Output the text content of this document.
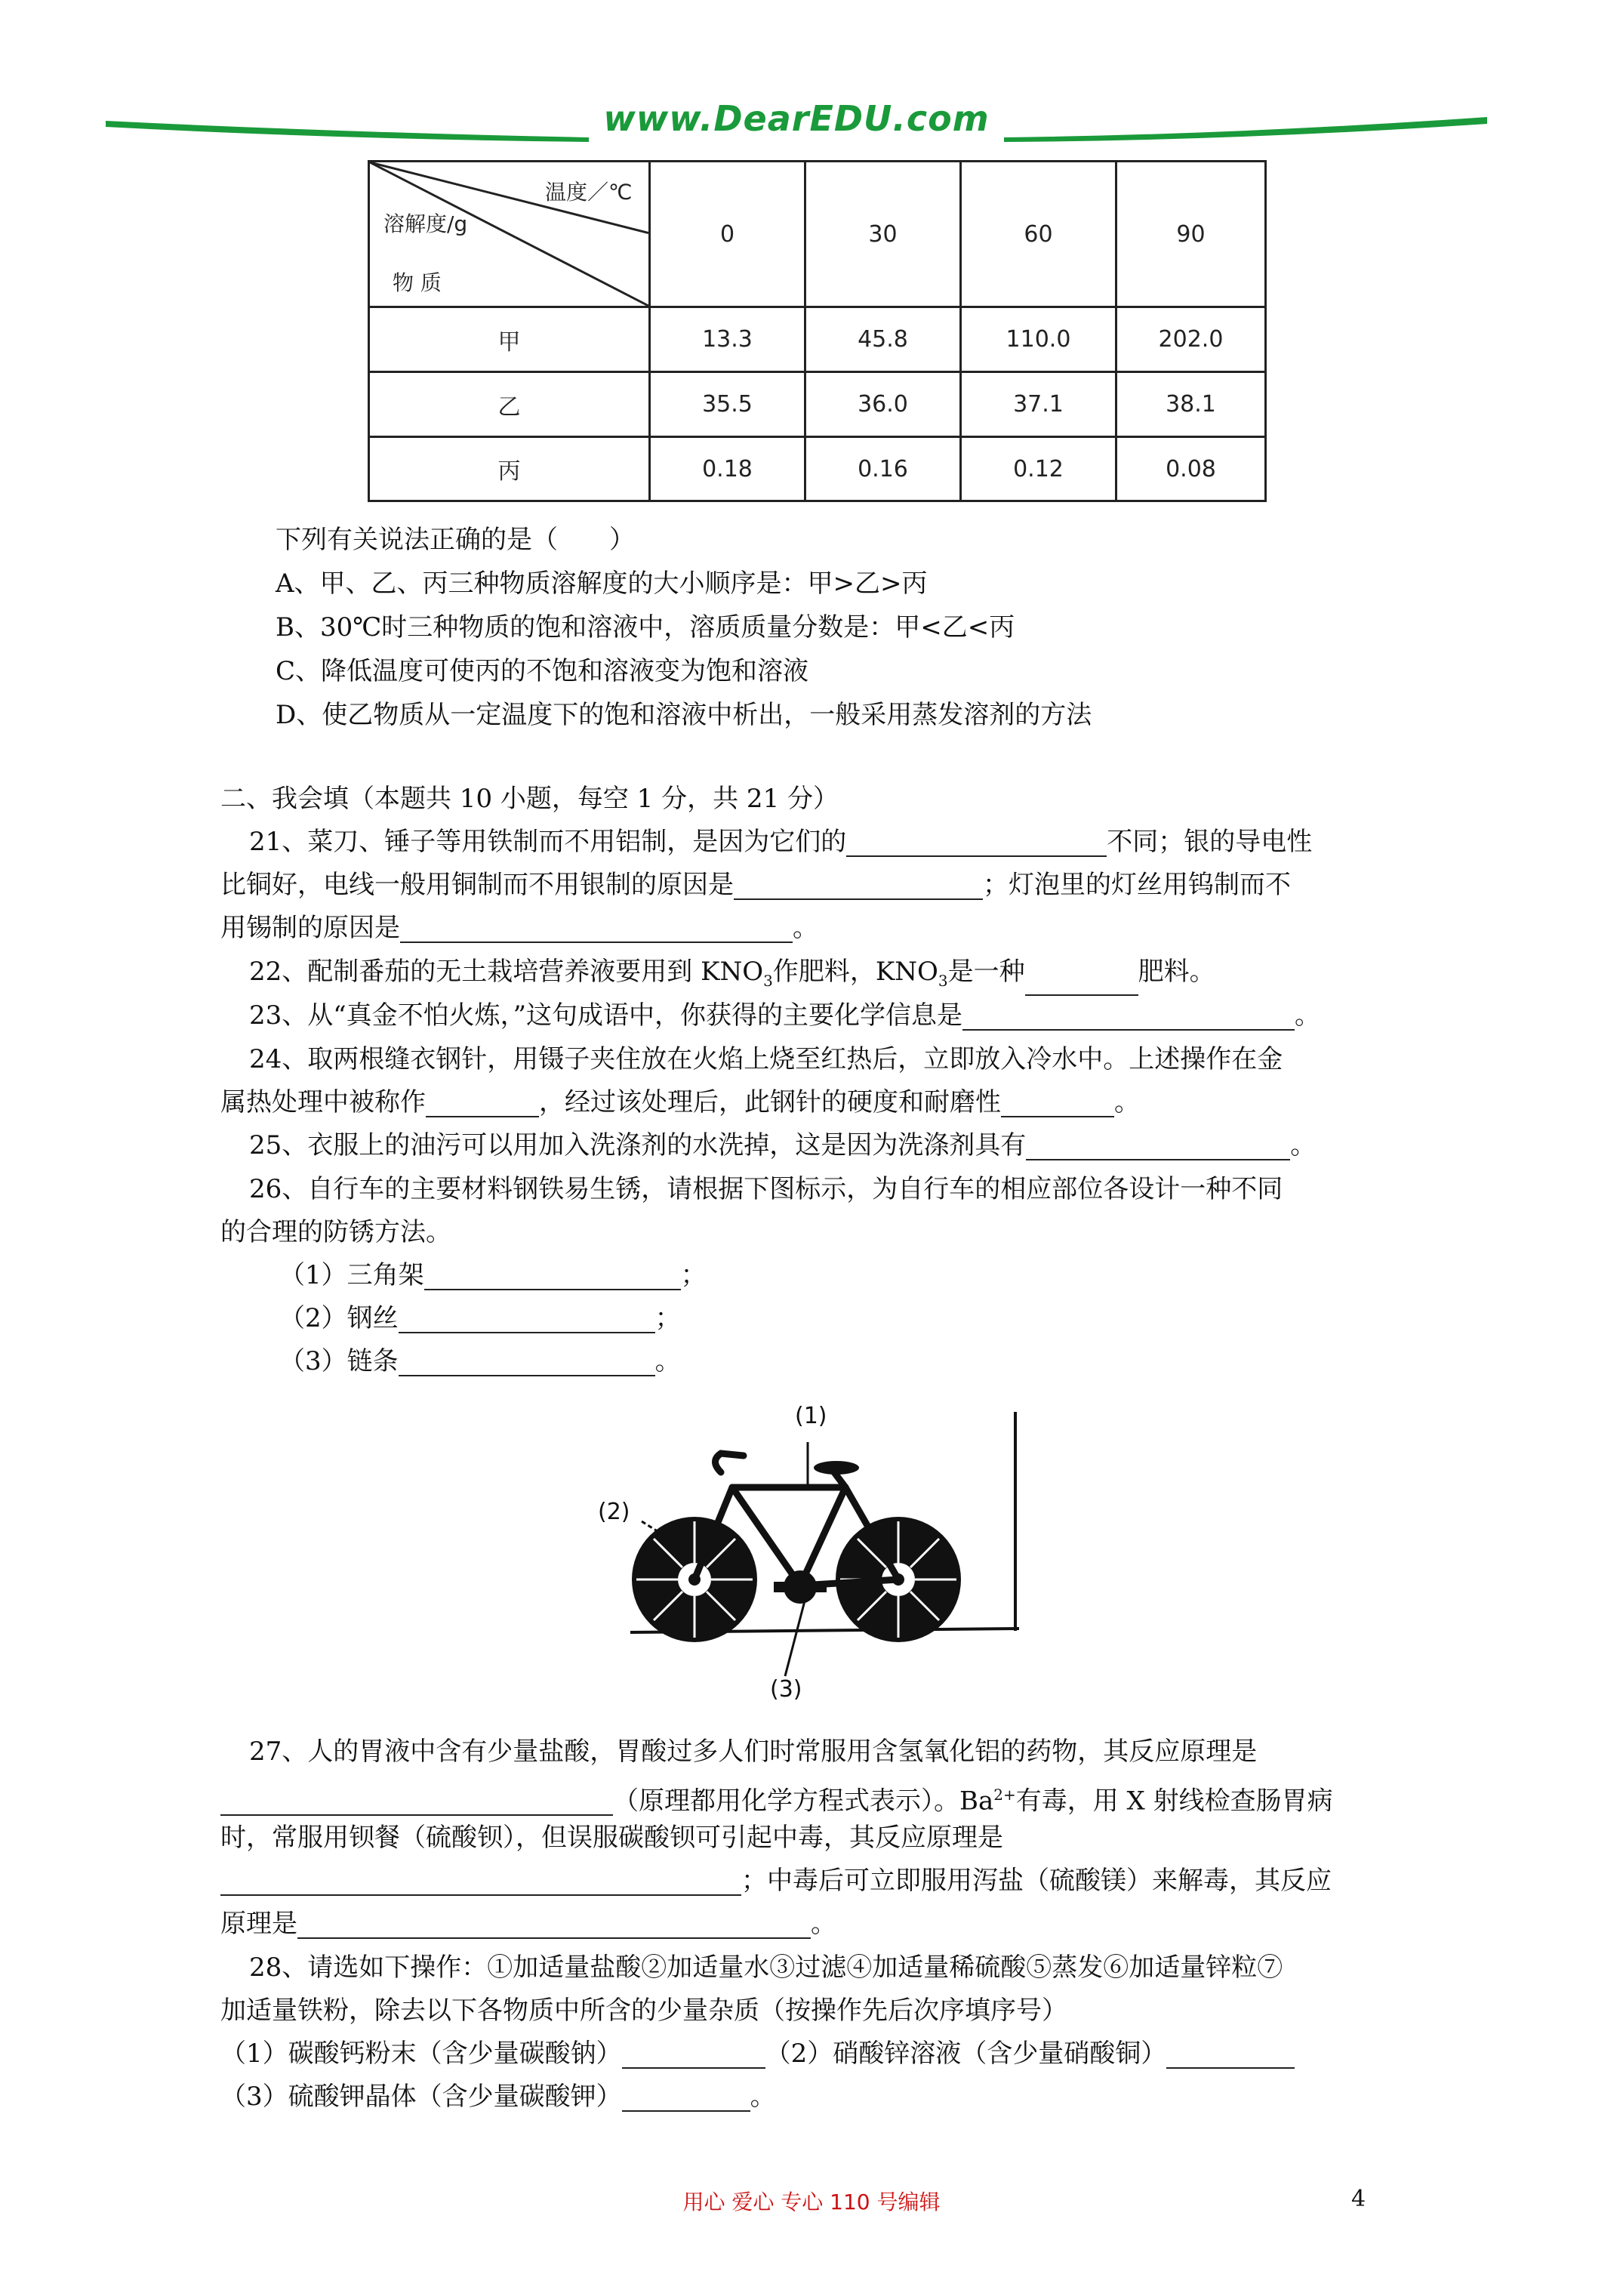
www.DearEDU.com
温度／℃
溶解度/g
物 质	0	30	60	90
甲	13.3	45.8	110.0	202.0
乙	35.5	36.0	37.1	38.1
丙	0.18	0.16	0.12	0.08
下列有关说法正确的是（　　）
A、甲、乙、丙三种物质溶解度的大小顺序是：甲>乙>丙
B、30℃时三种物质的饱和溶液中，溶质质量分数是：甲<乙<丙
C、降低温度可使丙的不饱和溶液变为饱和溶液
D、使乙物质从一定温度下的饱和溶液中析出，一般采用蒸发溶剂的方法
二、我会填（本题共 10 小题，每空 1 分，共 21 分）
21、菜刀、锤子等用铁制而不用铝制，是因为它们的	不同；银的导电性
比铜好，电线一般用铜制而不用银制的原因是	；灯泡里的灯丝用钨制而不
用锡制的原因是	。
22、配制番茄的无土栽培营养液要用到 $KNO_3$作肥料，$KNO_3$是一种	肥料。
23、从“真金不怕火炼，”这句成语中，你获得的主要化学信息是	。
24、取两根缝衣钢针，用镊子夹住放在火焰上烧至红热后，立即放入冷水中。上述操作在金
属热处理中被称作	，经过该处理后，此钢针的硬度和耐磨性	。
25、衣服上的油污可以用加入洗涤剂的水洗掉，这是因为洗涤剂具有	。
26、自行车的主要材料钢铁易生锈，请根据下图标示，为自行车的相应部位各设计一种不同
的合理的防锈方法。
（1）三角架	；
（2）钢丝	；
（3）链条	。
(1)
(2)
(3)
27、人的胃液中含有少量盐酸，胃酸过多人们时常服用含氢氧化铝的药物，其反应原理是
（原理都用化学方程式表示）。$Ba^{2+}$有毒，用 X 射线检查肠胃病
时，常服用钡餐（硫酸钡），但误服碳酸钡可引起中毒，其反应原理是
；中毒后可立即服用泻盐（硫酸镁）来解毒，其反应
原理是	。
28、请选如下操作：①加适量盐酸②加适量水③过滤④加适量稀硫酸⑤蒸发⑥加适量锌粒⑦
加适量铁粉，除去以下各物质中所含的少量杂质（按操作先后次序填序号）
（1）碳酸钙粉末（含少量碳酸钠）	（2）硝酸锌溶液（含少量硝酸铜）
（3）硫酸钾晶体（含少量碳酸钾）	。
用心 爱心 专心 110 号编辑	4
